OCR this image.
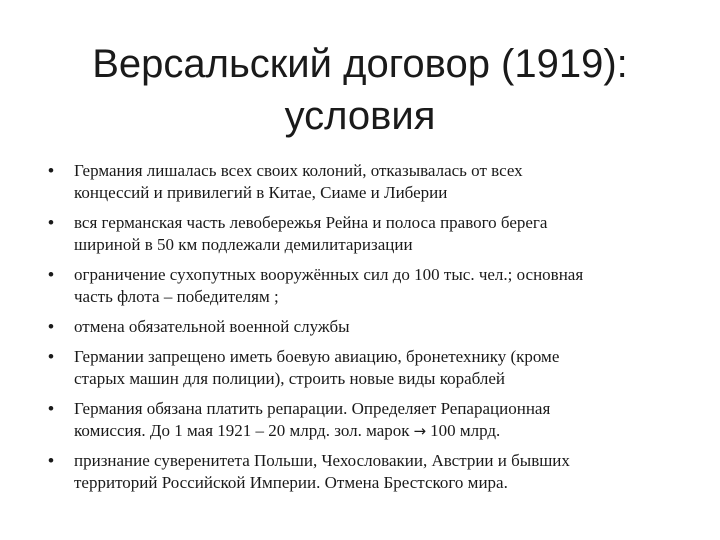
Версальский договор (1919):
условия
• Германия лишалась всех своих колоний, отказывалась от всех
концессий и привилегий в Китае, Сиаме и Либерии
• вся германская часть левобережья Рейна и полоса правого берега
шириной в 50 км подлежали демилитаризации
• ограничение сухопутных вооружённых сил до 100 тыс. чел.; основная
часть флота – победителям ;
• отмена обязательной военной службы
• Германии запрещено иметь боевую авиацию, бронетехнику (кроме
старых машин для полиции), строить новые виды кораблей
• Германия обязана платить репарации. Определяет Репарационная
комиссия. До 1 мая 1921 – 20 млрд. зол. марок → 100 млрд.
• признание суверенитета Польши, Чехословакии, Австрии и бывших
территорий Российской Империи. Отмена Брестского мира.
